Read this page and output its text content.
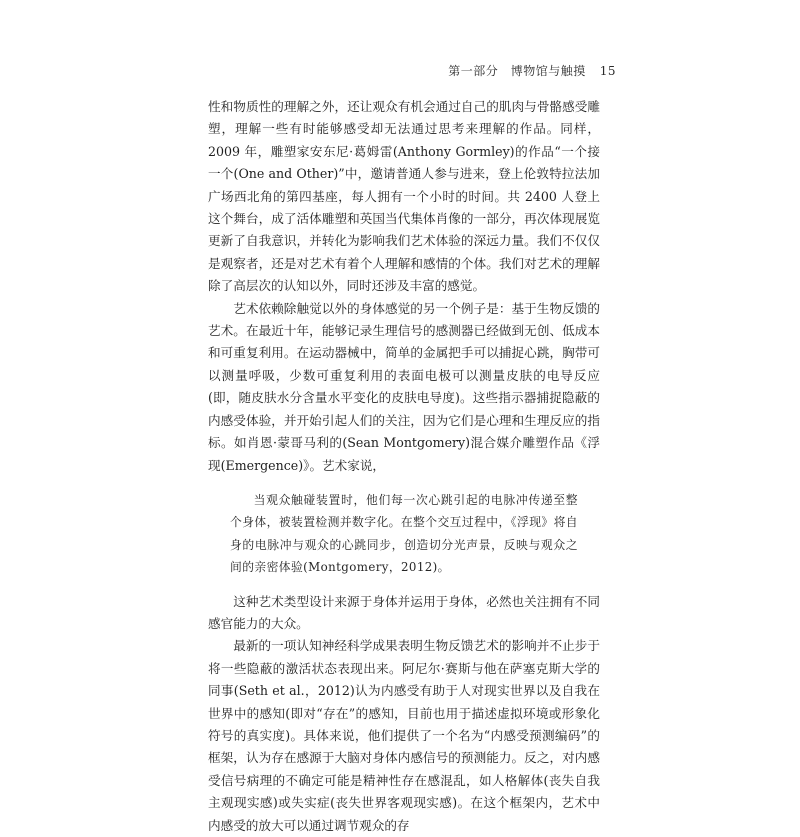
第一部分　博物馆与触摸 15

性和物质性的理解之外，还让观众有机会通过自己的肌肉与骨骼感受雕塑，理解一些有时能够感受却无法通过思考来理解的作品。同样，2009 年，雕塑家安东尼·葛姆雷(Anthony Gormley)的作品“一个接一个(One and Other)”中，邀请普通人参与进来，登上伦敦特拉法加广场西北角的第四基座，每人拥有一个小时的时间。共 2400 人登上这个舞台，成了活体雕塑和英国当代集体肖像的一部分，再次体现展览更新了自我意识，并转化为影响我们艺术体验的深远力量。我们不仅仅是观察者，还是对艺术有着个人理解和感情的个体。我们对艺术的理解除了高层次的认知以外，同时还涉及丰富的感觉。

艺术依赖除触觉以外的身体感觉的另一个例子是：基于生物反馈的艺术。在最近十年，能够记录生理信号的感测器已经做到无创、低成本和可重复利用。在运动器械中，简单的金属把手可以捕捉心跳，胸带可以测量呼吸，少数可重复利用的表面电极可以测量皮肤的电导反应(即，随皮肤水分含量水平变化的皮肤电导度)。这些指示器捕捉隐蔽的内感受体验，并开始引起人们的关注，因为它们是心理和生理反应的指标。如肖恩·蒙哥马利的(Sean Montgomery)混合媒介雕塑作品《浮现(Emergence)》。艺术家说，

当观众触碰装置时，他们每一次心跳引起的电脉冲传递至整个身体，被装置检测并数字化。在整个交互过程中，《浮现》将自身的电脉冲与观众的心跳同步，创造切分光声景，反映与观众之间的亲密体验(Montgomery，2012)。

这种艺术类型设计来源于身体并运用于身体，必然也关注拥有不同感官能力的大众。

最新的一项认知神经科学成果表明生物反馈艺术的影响并不止步于将一些隐蔽的激活状态表现出来。阿尼尔·赛斯与他在萨塞克斯大学的同事(Seth et al.，2012)认为内感受有助于人对现实世界以及自我在世界中的感知(即对“存在”的感知，目前也用于描述虚拟环境或形象化符号的真实度)。具体来说，他们提供了一个名为“内感受预测编码”的框架，认为存在感源于大脑对身体内感信号的预测能力。反之，对内感受信号病理的不确定可能是精神性存在感混乱，如人格解体(丧失自我主观现实感)或失实症(丧失世界客观现实感)。在这个框架内，艺术中内感受的放大可以通过调节观众的存
